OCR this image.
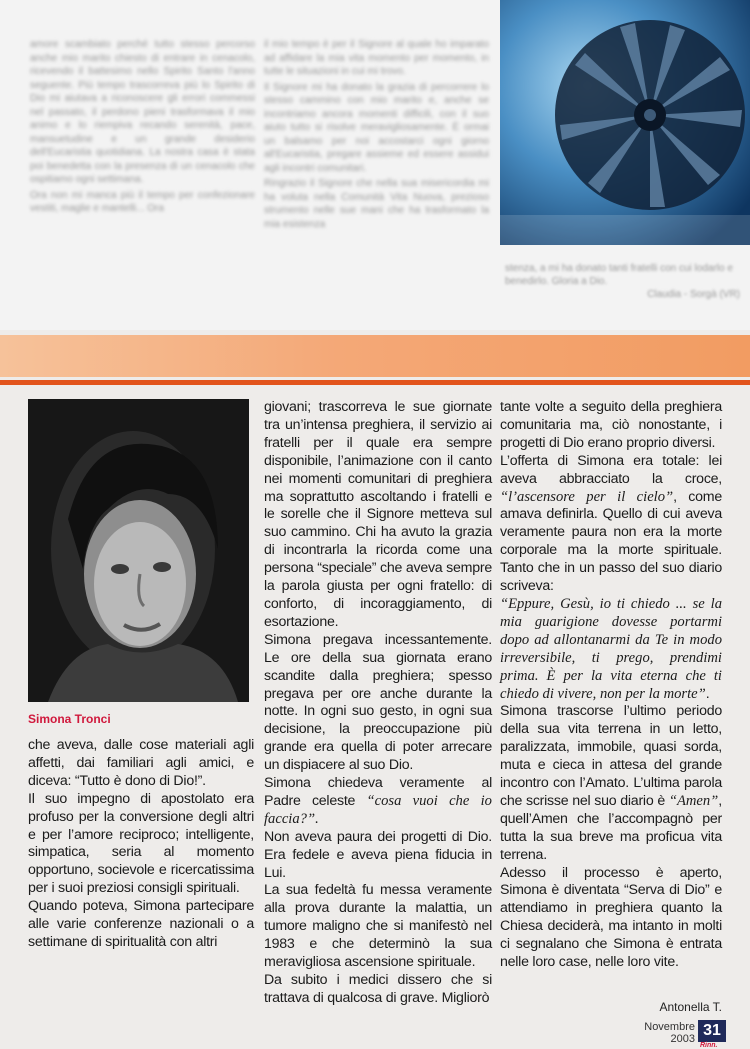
amore scambiato perché tutto stesso percorso anche mio marito chiesto di entrare in cenacolo, ricevendo il battesimo nello Spirito Santo l'anno seguente. Più tempo trascorreva più lo Spirito di Dio mi aiutava a riconoscere gli errori commessi nel passato, il perdono pieni trasformava il mio animo e lo riempiva recando serenità, pace, mansuetudine e un grande desiderio dell'Eucaristia quotidiana. La nostra casa è stata poi benedetta con la presenza di un cenacolo che ospitiamo ogni settimana.

Ora non mi manca più il tempo per confezionare vestiti, maglie e mantelli... Ora

il mio tempo è per il Signore al quale ho imparato ad affidare la mia vita momento per momento, in tutte le situazioni in cui mi trovo.

Il Signore mi ha donato la grazia di percorrere lo stesso cammino con mio marito e, anche se incontriamo ancora momenti difficili, con il suo aiuto tutto si risolve meravigliosamente. È ormai un balsamo per noi accostarci ogni giorno all'Eucaristia, pregare assieme ed essere assidui agli incontri comunitari.

Ringrazio il Signore che nella sua misericordia mi ha voluta nella Comunità Vita Nuova, prezioso strumento nelle sue mani che ha trasformato la mia esistenza

stenza, a mi ha donato tanti fratelli con cui lodarlo e benedirlo. Gloria a Dio.
Claudia - Sorgà (VR)
Simona Tronci

che aveva, dalle cose materiali agli affetti, dai familiari agli amici, e diceva: “Tutto è dono di Dio!”.

Il suo impegno di apostolato era profuso per la conversione degli altri e per l’amore reciproco; intelligente, simpatica, seria al momento opportuno, socievole e ricercatissima per i suoi preziosi consigli spirituali.

Quando poteva, Simona partecipare alle varie conferenze nazionali o a settimane di spiritualità con altri

giovani; trascorreva le sue giornate tra un’intensa preghiera, il servizio ai fratelli per il quale era sempre disponibile, l’animazione con il canto nei momenti comunitari di preghiera ma soprattutto ascoltando i fratelli e le sorelle che il Signore metteva sul suo cammino. Chi ha avuto la grazia di incontrarla la ricorda come una persona “speciale” che aveva sempre la parola giusta per ogni fratello: di conforto, di incoraggiamento, di esortazione.

Simona pregava incessantemente. Le ore della sua giornata erano scandite dalla preghiera; spesso pregava per ore anche durante la notte. In ogni suo gesto, in ogni sua decisione, la preoccupazione più grande era quella di poter arrecare un dispiacere al suo Dio.

Simona chiedeva veramente al Padre celeste “cosa vuoi che io faccia?”.

Non aveva paura dei progetti di Dio. Era fedele e aveva piena fiducia in Lui.

La sua fedeltà fu messa veramente alla prova durante la malattia, un tumore maligno che si manifestò nel 1983 e che determinò la sua meravigliosa ascensione spirituale.

Da subito i medici dissero che si trattava di qualcosa di grave. Migliorò

tante volte a seguito della preghiera comunitaria ma, ciò nonostante, i progetti di Dio erano proprio diversi.

L’offerta di Simona era totale: lei aveva abbracciato la croce, “l’ascensore per il cielo”, come amava definirla. Quello di cui aveva veramente paura non era la morte corporale ma la morte spirituale. Tanto che in un passo del suo diario scriveva:

“Eppure, Gesù, io ti chiedo ... se la mia guarigione dovesse portarmi dopo ad allontanarmi da Te in modo irreversibile, ti prego, prendimi prima. È per la vita eterna che ti chiedo di vivere, non per la morte”.

Simona trascorse l’ultimo periodo della sua vita terrena in un letto, paralizzata, immobile, quasi sorda, muta e cieca in attesa del grande incontro con l’Amato. L’ultima parola che scrisse nel suo diario è “Amen”, quell’Amen che l’accompagnò per tutta la sua breve ma proficua vita terrena.

Adesso il processo è aperto, Simona è diventata “Serva di Dio” e attendiamo in preghiera quanto la Chiesa deciderà, ma intanto in molti ci segnalano che Simona è entrata nelle loro case, nelle loro vite.

Antonella T.
Novembre
2003 31
Rinn.
